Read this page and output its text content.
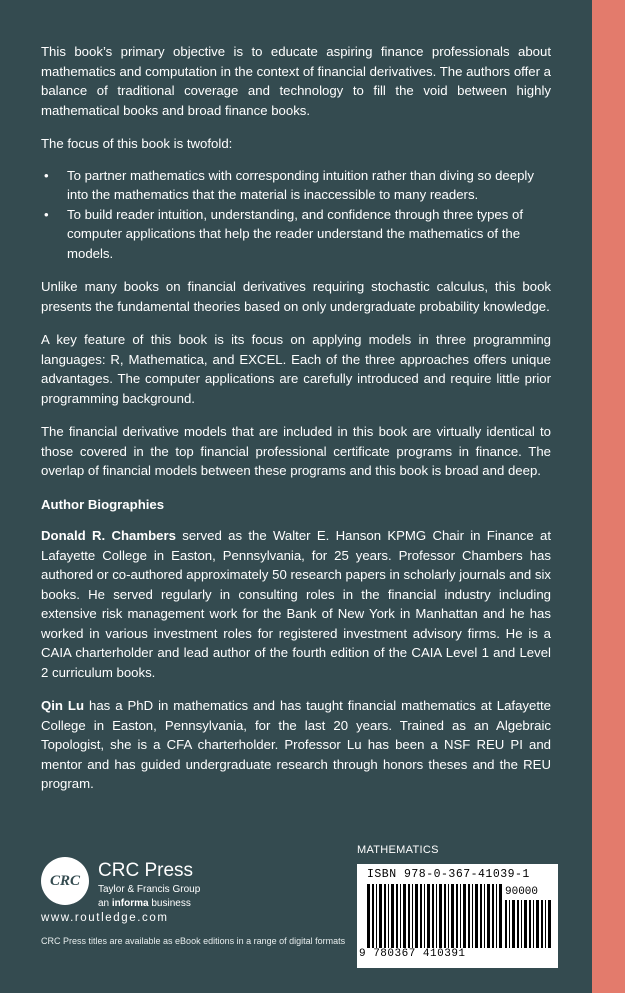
This book’s primary objective is to educate aspiring finance professionals about mathematics and computation in the context of financial derivatives. The authors offer a balance of traditional coverage and technology to fill the void between highly mathematical books and broad finance books.

The focus of this book is twofold:

• To partner mathematics with corresponding intuition rather than diving so deeply into the mathematics that the material is inaccessible to many readers.
• To build reader intuition, understanding, and confidence through three types of computer applications that help the reader understand the mathematics of the models.

Unlike many books on financial derivatives requiring stochastic calculus, this book presents the fundamental theories based on only undergraduate probability knowledge.

A key feature of this book is its focus on applying models in three programming languages: R, Mathematica, and EXCEL. Each of the three approaches offers unique advantages. The computer applications are carefully introduced and require little prior programming background.

The financial derivative models that are included in this book are virtually identical to those covered in the top financial professional certificate programs in finance. The overlap of financial models between these programs and this book is broad and deep.

Author Biographies

Donald R. Chambers served as the Walter E. Hanson KPMG Chair in Finance at Lafayette College in Easton, Pennsylvania, for 25 years. Professor Chambers has authored or co-authored approximately 50 research papers in scholarly journals and six books. He served regularly in consulting roles in the financial industry including extensive risk management work for the Bank of New York in Manhattan and he has worked in various investment roles for registered investment advisory firms. He is a CAIA charterholder and lead author of the fourth edition of the CAIA Level 1 and Level 2 curriculum books.

Qin Lu has a PhD in mathematics and has taught financial mathematics at Lafayette College in Easton, Pennsylvania, for the last 20 years. Trained as an Algebraic Topologist, she is a CFA charterholder. Professor Lu has been a NSF REU PI and mentor and has guided undergraduate research through honors theses and the REU program.

CRC CRC Press
Taylor & Francis Group
an informa business
www.routledge.com
CRC Press titles are available as eBook editions in a range of digital formats
MATHEMATICS
ISBN 978-0-367-41039-1
90000
9 780367 410391
